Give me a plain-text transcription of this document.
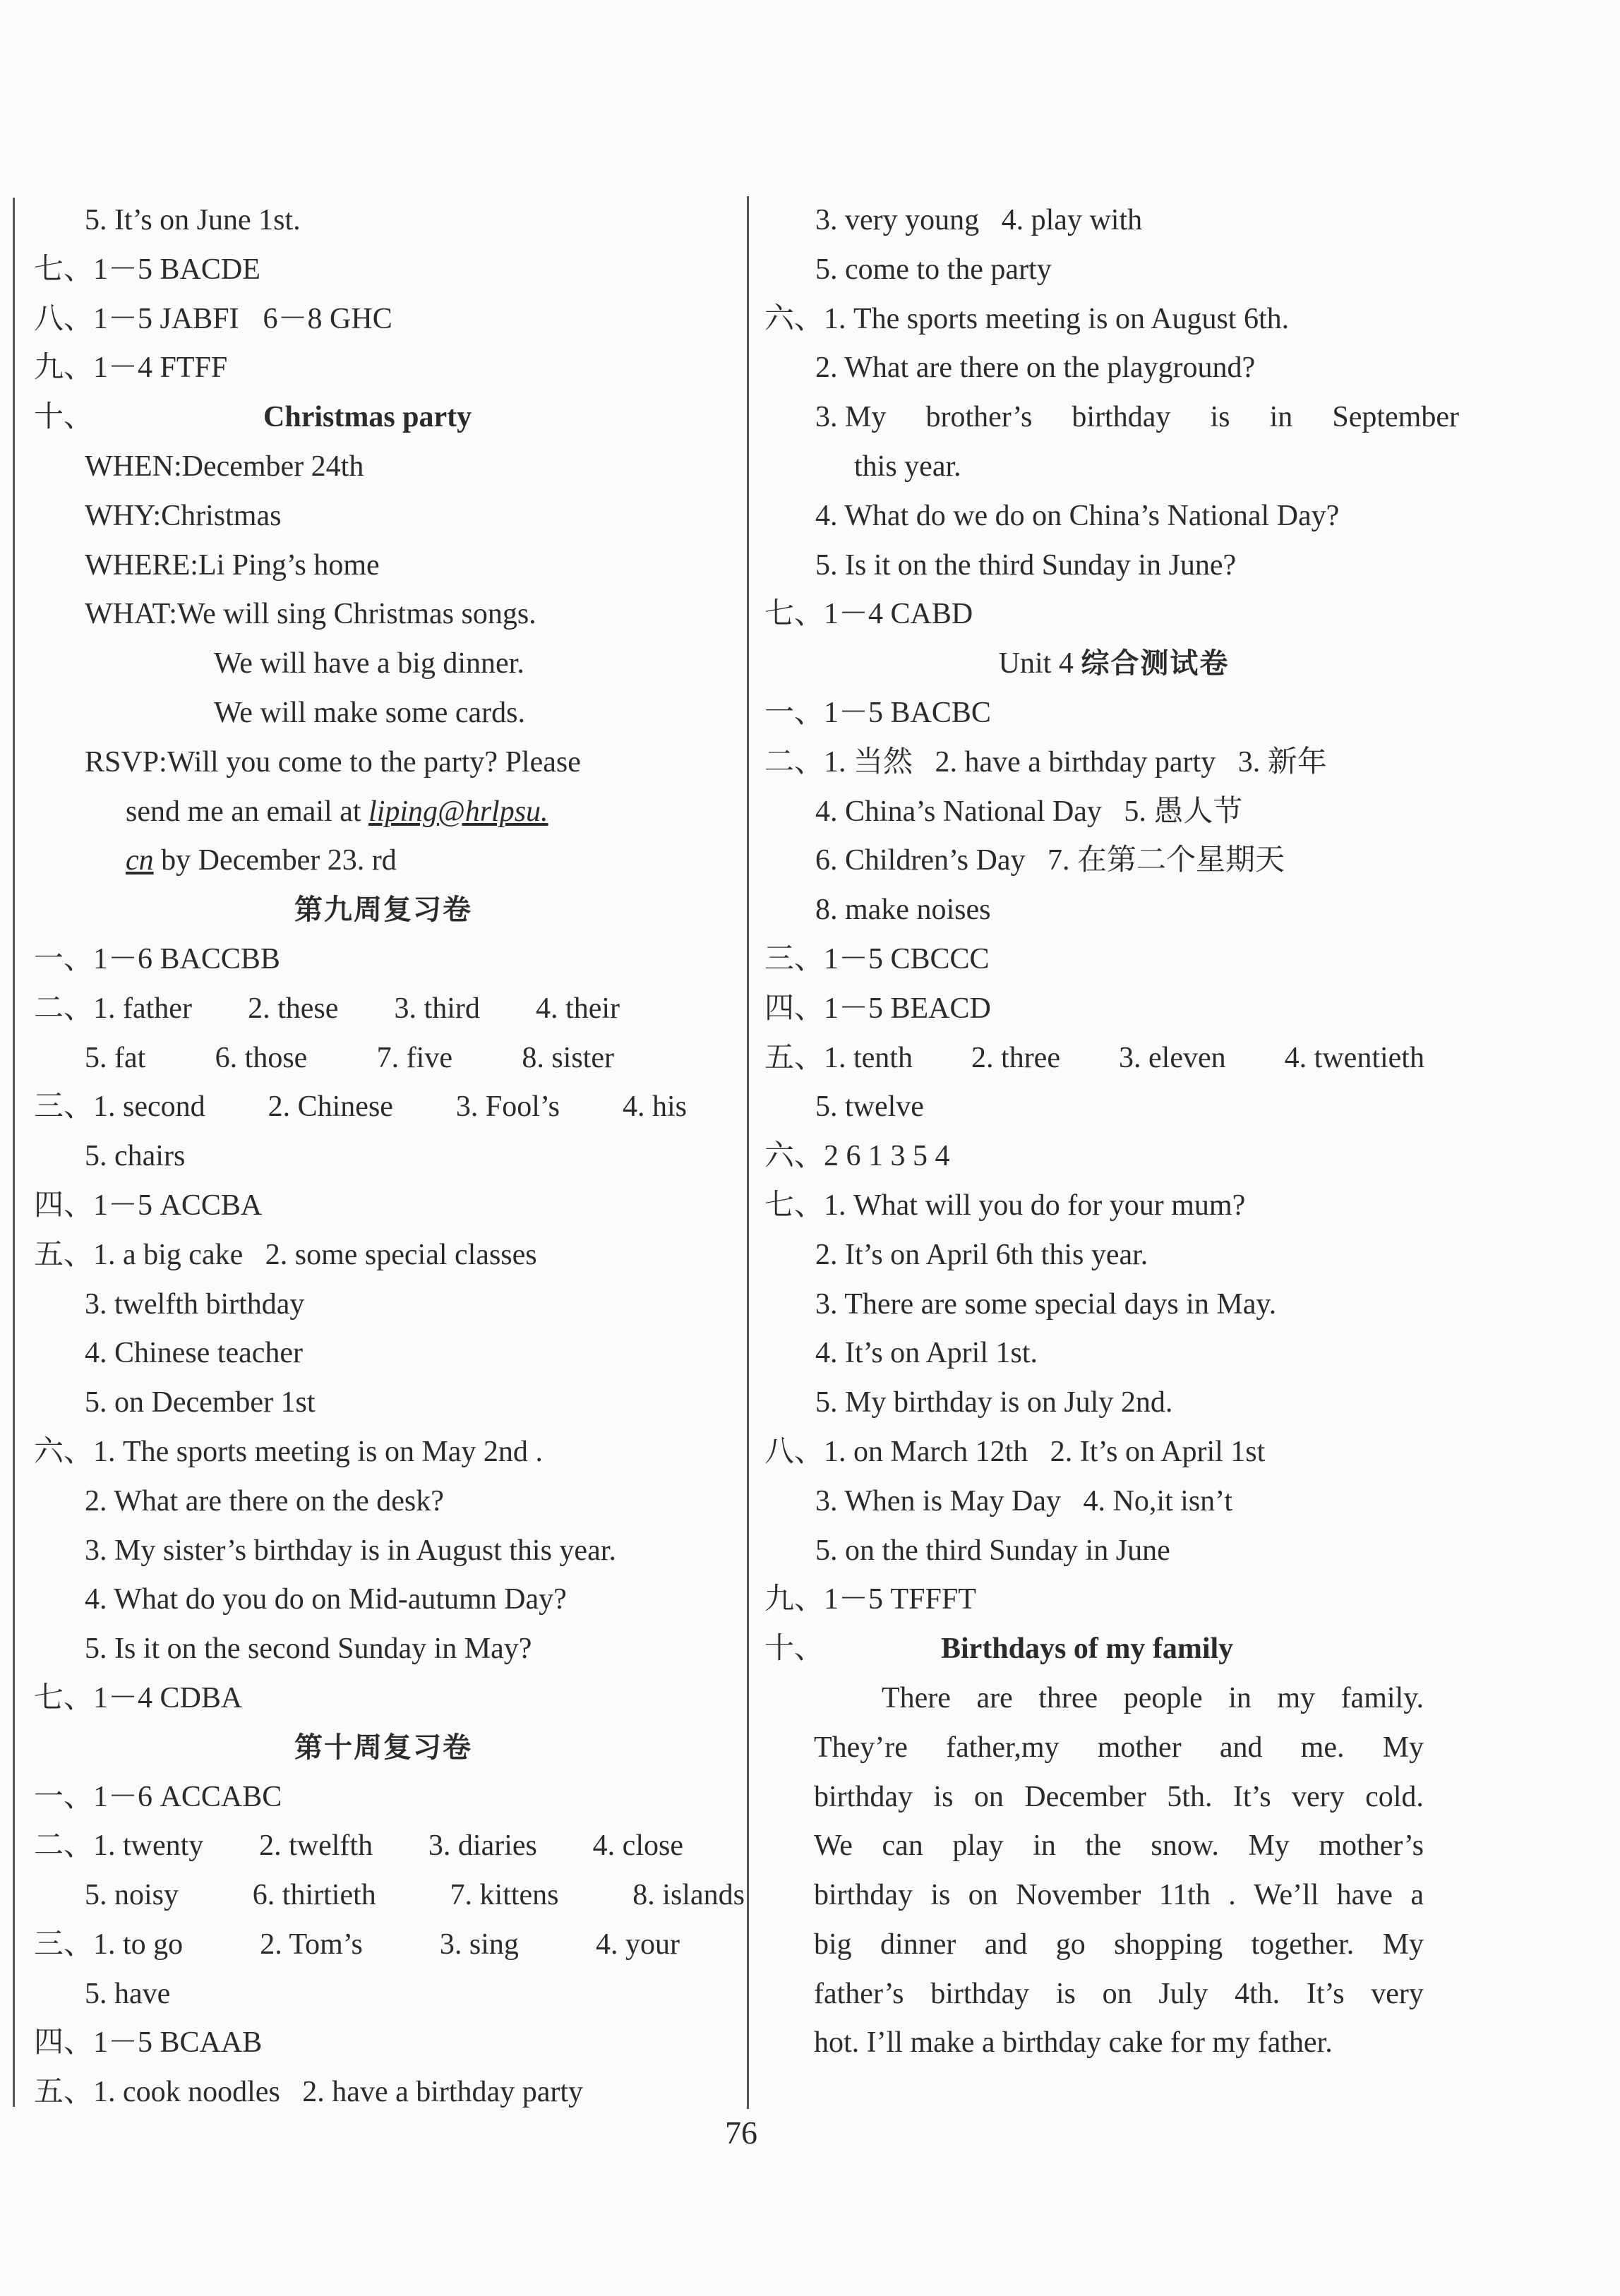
5. It’s on June 1st.
七、1－5 BACDE
八、1－5 JABFI 6－8 GHC
九、1－4 FTFF
十、	Christmas party
WHEN:December 24th
WHY:Christmas
WHERE:Li Ping’s home
WHAT:We will sing Christmas songs.
We will have a big dinner.
We will make some cards.
RSVP:Will you come to the party? Please
send me an email at liping@hrlpsu.
cn by December 23. rd
第九周复习卷
一、1－6 BACCBB
二、1. father 2. these 3. third 4. their
5. fat 6. those 7. five 8. sister
三、1. second 2. Chinese 3. Fool’s 4. his
5. chairs
四、1－5 ACCBA
五、1. a big cake   2. some special classes
3. twelfth birthday
4. Chinese teacher
5. on December 1st
六、1. The sports meeting is on May 2nd .
2. What are there on the desk?
3. My sister’s birthday is in August this year.
4. What do you do on Mid-autumn Day?
5. Is it on the second Sunday in May?
七、1－4 CDBA
第十周复习卷
一、1－6 ACCABC
二、1. twenty 2. twelfth 3. diaries 4. close
5. noisy 6. thirtieth 7. kittens 8. islands
三、1. to go	2. Tom’s	3. sing	4. your
5. have
四、1－5 BCAAB
五、1. cook noodles   2. have a birthday party
3. very young   4. play with
5. come to the party
六、1. The sports meeting is on August 6th.
2. What are there on the playground?
3. My brother’s birthday is in September
this year.
4. What do we do on China’s National Day?
5. Is it on the third Sunday in June?
七、1－4 CABD
Unit 4 综合测试卷
一、1－5 BACBC
二、1. 当然   2. have a birthday party   3. 新年
4. China’s National Day   5. 愚人节
6. Children’s Day   7. 在第二个星期天
8. make noises
三、1－5 CBCCC
四、1－5 BEACD
五、1. tenth 2. three 3. eleven 4. twentieth
5. twelve
六、2 6 1 3 5 4
七、1. What will you do for your mum?
2. It’s on April 6th this year.
3. There are some special days in May.
4. It’s on April 1st.
5. My birthday is on July 2nd.
八、1. on March 12th   2. It’s on April 1st
3. When is May Day   4. No,it isn’t
5. on the third Sunday in June
九、1－5 TFFFT
十、	Birthdays of my family
There are three people in my family.
They’re father,my mother and me. My
birthday is on December 5th. It’s very cold.
We can play in the snow. My mother’s
birthday is on November 11th . We’ll have a
big dinner and go shopping together. My
father’s birthday is on July 4th. It’s very
hot. I’ll make a birthday cake for my father.
76
